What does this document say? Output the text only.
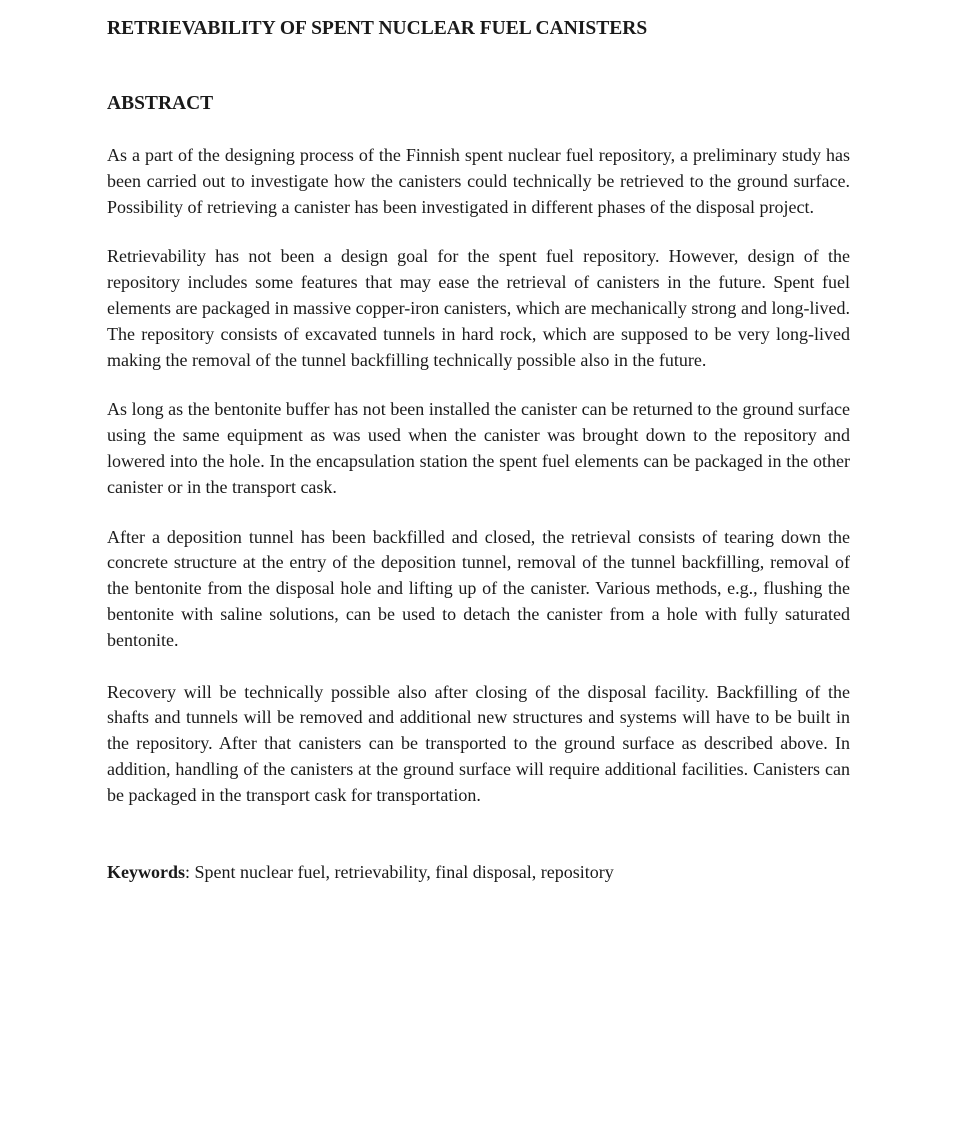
RETRIEVABILITY OF SPENT NUCLEAR FUEL CANISTERS
ABSTRACT

As a part of the designing process of the Finnish spent nuclear fuel repository, a preliminary study has been carried out to investigate how the canisters could technically be retrieved to the ground surface. Possibility of retrieving a canister has been investigated in different phases of the disposal project.

Retrievability has not been a design goal for the spent fuel repository. However, design of the repository includes some features that may ease the retrieval of canisters in the future. Spent fuel elements are packaged in massive copper-iron canisters, which are mechanically strong and long-lived. The repository consists of excavated tunnels in hard rock, which are supposed to be very long-lived making the removal of the tunnel backfilling technically possible also in the future.

As long as the bentonite buffer has not been installed the canister can be returned to the ground surface using the same equipment as was used when the canister was brought down to the repository and lowered into the hole. In the encapsulation station the spent fuel elements can be packaged in the other canister or in the transport cask.

After a deposition tunnel has been backfilled and closed, the retrieval consists of tearing down the concrete structure at the entry of the deposition tunnel, removal of the tunnel backfilling, removal of the bentonite from the disposal hole and lifting up of the canister. Various methods, e.g., flushing the bentonite with saline solutions, can be used to detach the canister from a hole with fully saturated bentonite.

Recovery will be technically possible also after closing of the disposal facility. Backfilling of the shafts and tunnels will be removed and additional new structures and systems will have to be built in the repository. After that canisters can be transported to the ground surface as described above. In addition, handling of the canisters at the ground surface will require additional facilities. Canisters can be packaged in the transport cask for transportation.

Keywords: Spent nuclear fuel, retrievability, final disposal, repository
